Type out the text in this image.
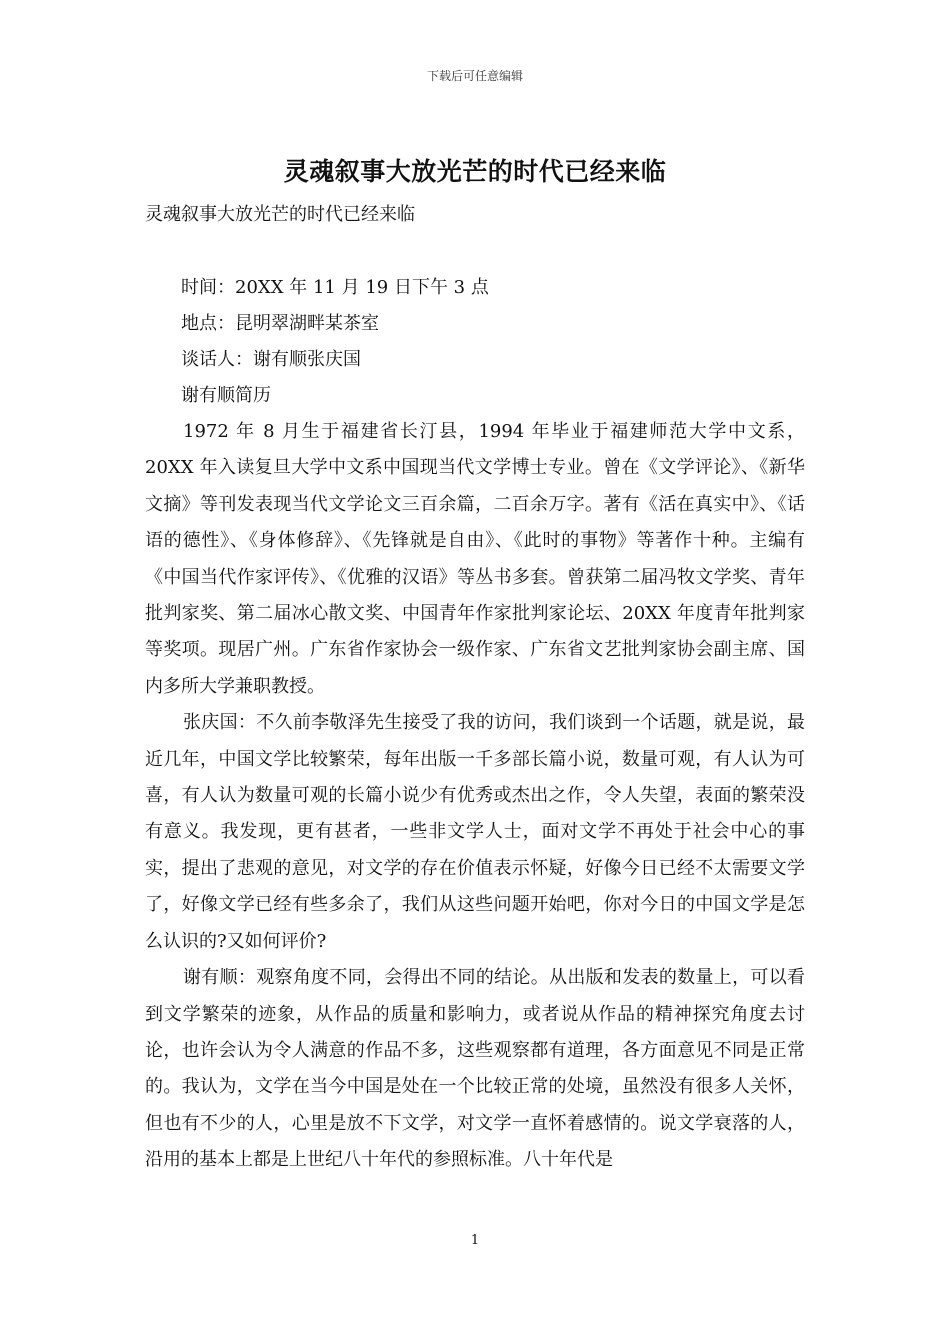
下载后可任意编辑
灵魂叙事大放光芒的时代已经来临
灵魂叙事大放光芒的时代已经来临
时间：20XX 年 11 月 19 日下午 3 点
地点：昆明翠湖畔某茶室
谈话人：谢有顺张庆国
谢有顺简历

1972 年 8 月生于福建省长汀县，1994 年毕业于福建师范大学中文系，20XX 年入读复旦大学中文系中国现当代文学博士专业。曾在《文学评论》、《新华文摘》等刊发表现当代文学论文三百余篇，二百余万字。著有《活在真实中》、《话语的德性》、《身体修辞》、《先锋就是自由》、《此时的事物》等著作十种。主编有《中国当代作家评传》、《优雅的汉语》等丛书多套。曾获第二届冯牧文学奖、青年批判家奖、第二届冰心散文奖、中国青年作家批判家论坛、20XX 年度青年批判家等奖项。现居广州。广东省作家协会一级作家、广东省文艺批判家协会副主席、国内多所大学兼职教授。

张庆国：不久前李敬泽先生接受了我的访问，我们谈到一个话题，就是说，最近几年，中国文学比较繁荣，每年出版一千多部长篇小说，数量可观，有人认为可喜，有人认为数量可观的长篇小说少有优秀或杰出之作，令人失望，表面的繁荣没有意义。我发现，更有甚者，一些非文学人士，面对文学不再处于社会中心的事实，提出了悲观的意见，对文学的存在价值表示怀疑，好像今日已经不太需要文学了，好像文学已经有些多余了，我们从这些问题开始吧，你对今日的中国文学是怎么认识的?又如何评价?

谢有顺：观察角度不同，会得出不同的结论。从出版和发表的数量上，可以看到文学繁荣的迹象，从作品的质量和影响力，或者说从作品的精神探究角度去讨论，也许会认为令人满意的作品不多，这些观察都有道理，各方面意见不同是正常的。我认为，文学在当今中国是处在一个比较正常的处境，虽然没有很多人关怀，但也有不少的人，心里是放不下文学，对文学一直怀着感情的。说文学衰落的人，沿用的基本上都是上世纪八十年代的参照标准。八十年代是

1
